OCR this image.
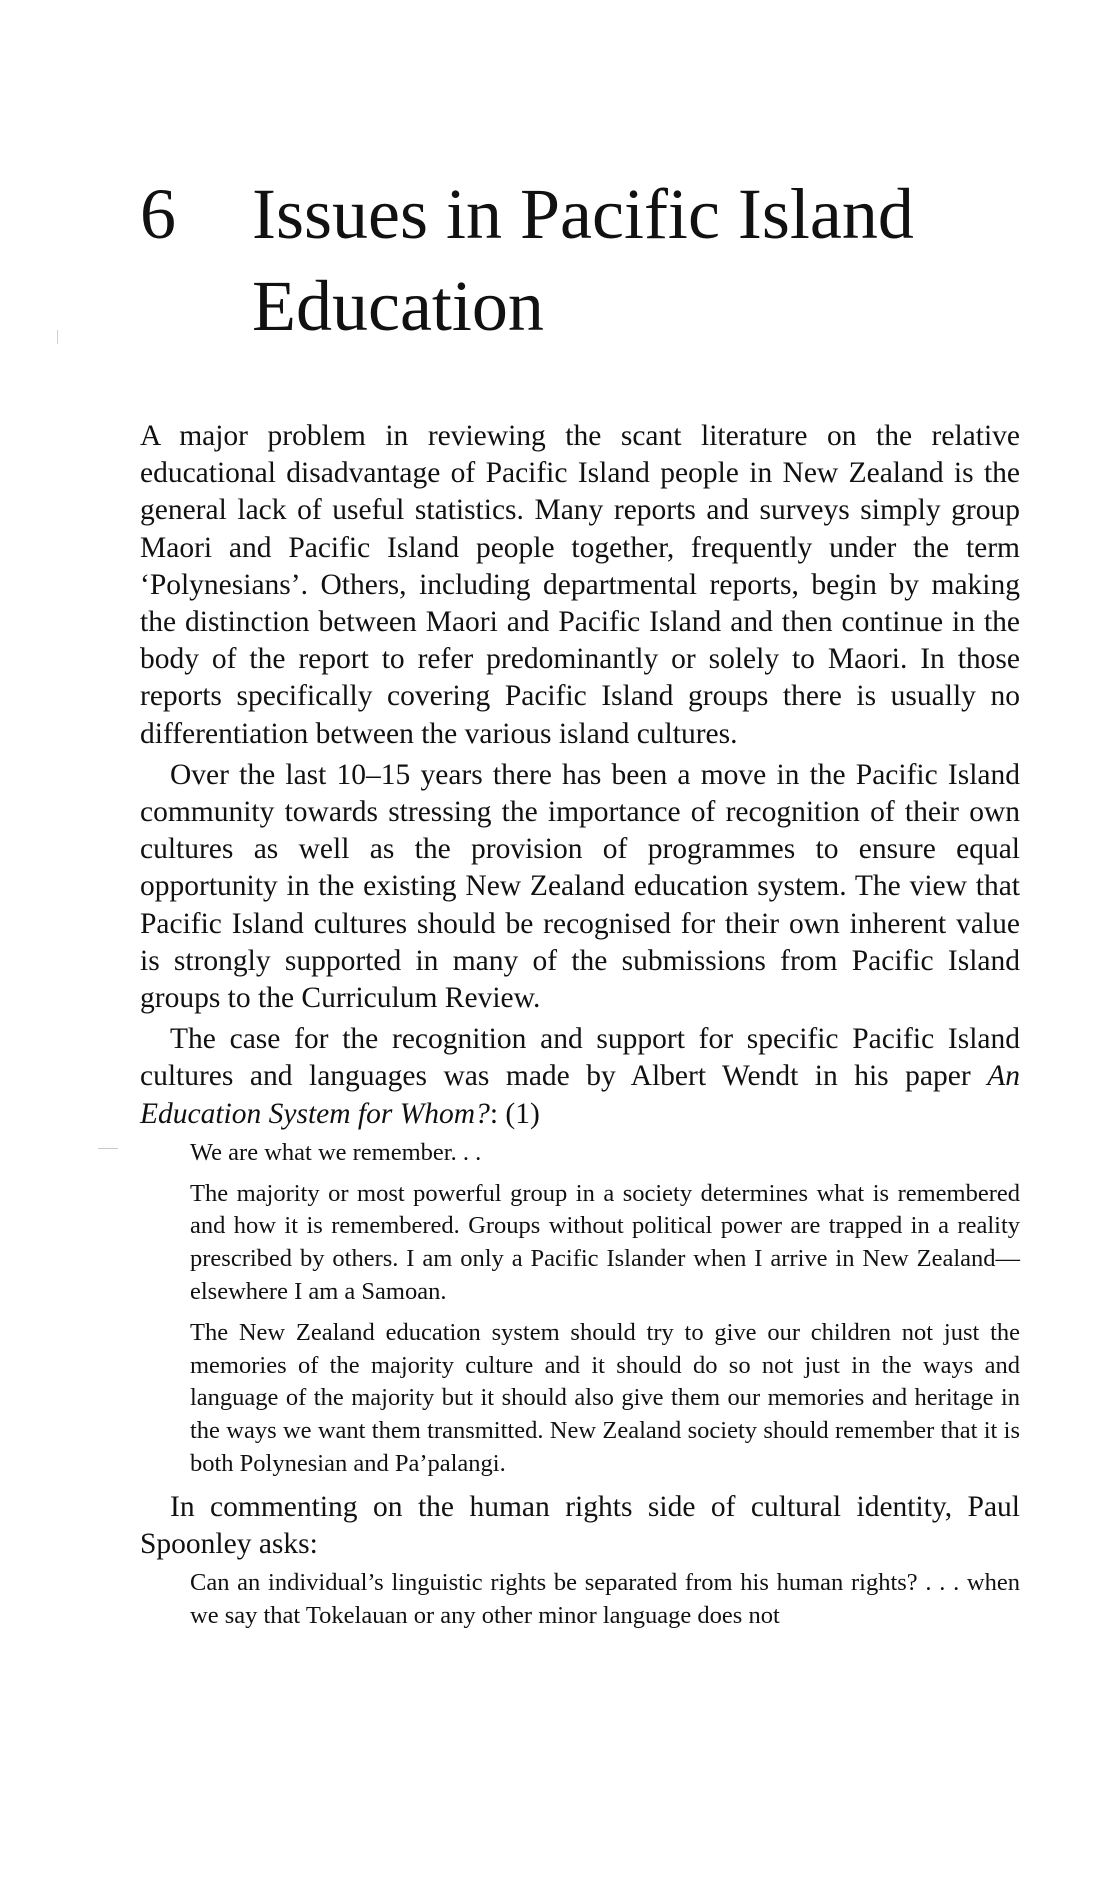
6 Issues in Pacific Island
Education

A major problem in reviewing the scant literature on the relative educational disadvantage of Pacific Island people in New Zealand is the general lack of useful statistics. Many reports and surveys simply group Maori and Pacific Island people together, frequently under the term ‘Polynesians’. Others, including departmental reports, begin by making the distinction between Maori and Pacific Island and then continue in the body of the report to refer predominantly or solely to Maori. In those reports specifically covering Pacific Island groups there is usually no differentiation between the various island cultures.

Over the last 10–15 years there has been a move in the Pacific Island community towards stressing the importance of recognition of their own cultures as well as the provision of programmes to ensure equal opportunity in the existing New Zealand education system. The view that Pacific Island cultures should be recognised for their own inherent value is strongly supported in many of the submissions from Pacific Island groups to the Curriculum Review.

The case for the recognition and support for specific Pacific Island cultures and languages was made by Albert Wendt in his paper An Education System for Whom?: (1)

We are what we remember. . .

The majority or most powerful group in a society determines what is remembered and how it is remembered. Groups without political power are trapped in a reality prescribed by others. I am only a Pacific Islander when I arrive in New Zealand—elsewhere I am a Samoan.

The New Zealand education system should try to give our children not just the memories of the majority culture and it should do so not just in the ways and language of the majority but it should also give them our memories and heritage in the ways we want them transmitted. New Zealand society should remember that it is both Polynesian and Pa’palangi.

In commenting on the human rights side of cultural identity, Paul Spoonley asks:

Can an individual’s linguistic rights be separated from his human rights? . . . when we say that Tokelauan or any other minor language does not
